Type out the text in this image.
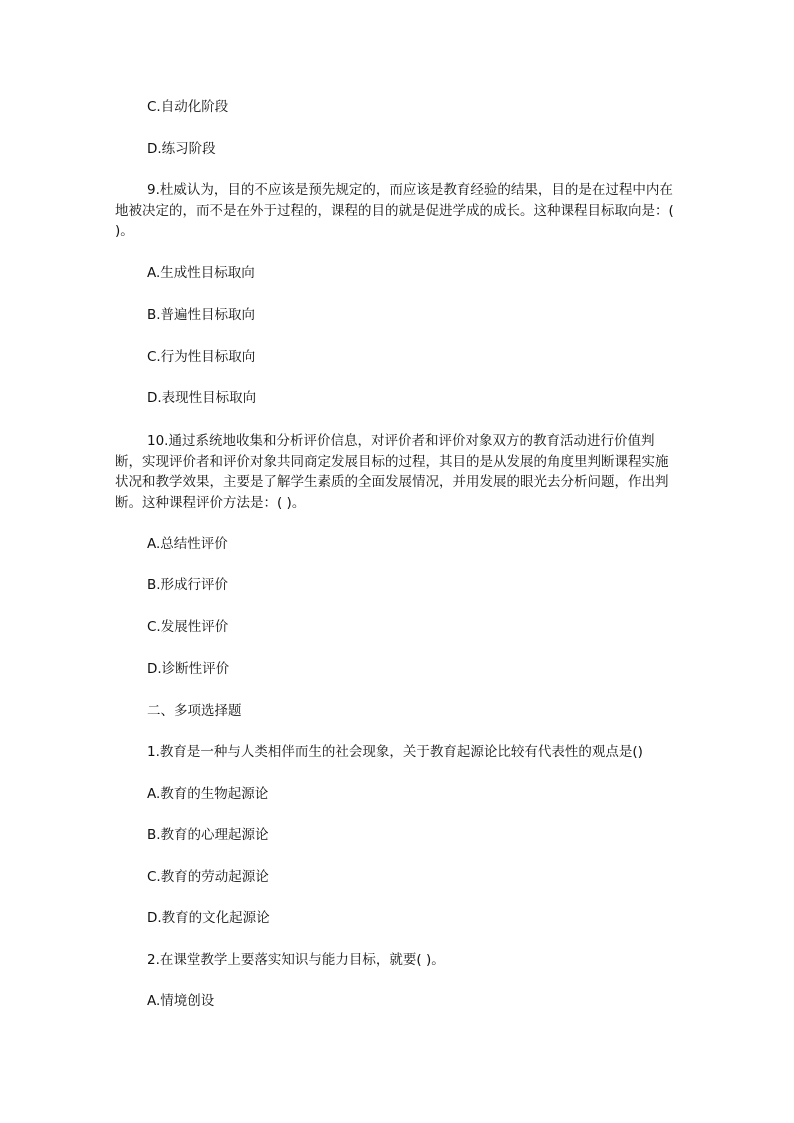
C.自动化阶段
D.练习阶段
9.杜威认为，目的不应该是预先规定的，而应该是教育经验的结果，目的是在过程中内在地被决定的，而不是在外于过程的，课程的目的就是促进学成的成长。这种课程目标取向是：( )。
A.生成性目标取向
B.普遍性目标取向
C.行为性目标取向
D.表现性目标取向
10.通过系统地收集和分析评价信息，对评价者和评价对象双方的教育活动进行价值判断，实现评价者和评价对象共同商定发展目标的过程，其目的是从发展的角度里判断课程实施状况和教学效果，主要是了解学生素质的全面发展情况，并用发展的眼光去分析问题，作出判断。这种课程评价方法是：( )。
A.总结性评价
B.形成行评价
C.发展性评价
D.诊断性评价
二、多项选择题
1.教育是一种与人类相伴而生的社会现象，关于教育起源论比较有代表性的观点是()
A.教育的生物起源论
B.教育的心理起源论
C.教育的劳动起源论
D.教育的文化起源论
2.在课堂教学上要落实知识与能力目标，就要( )。
A.情境创设
